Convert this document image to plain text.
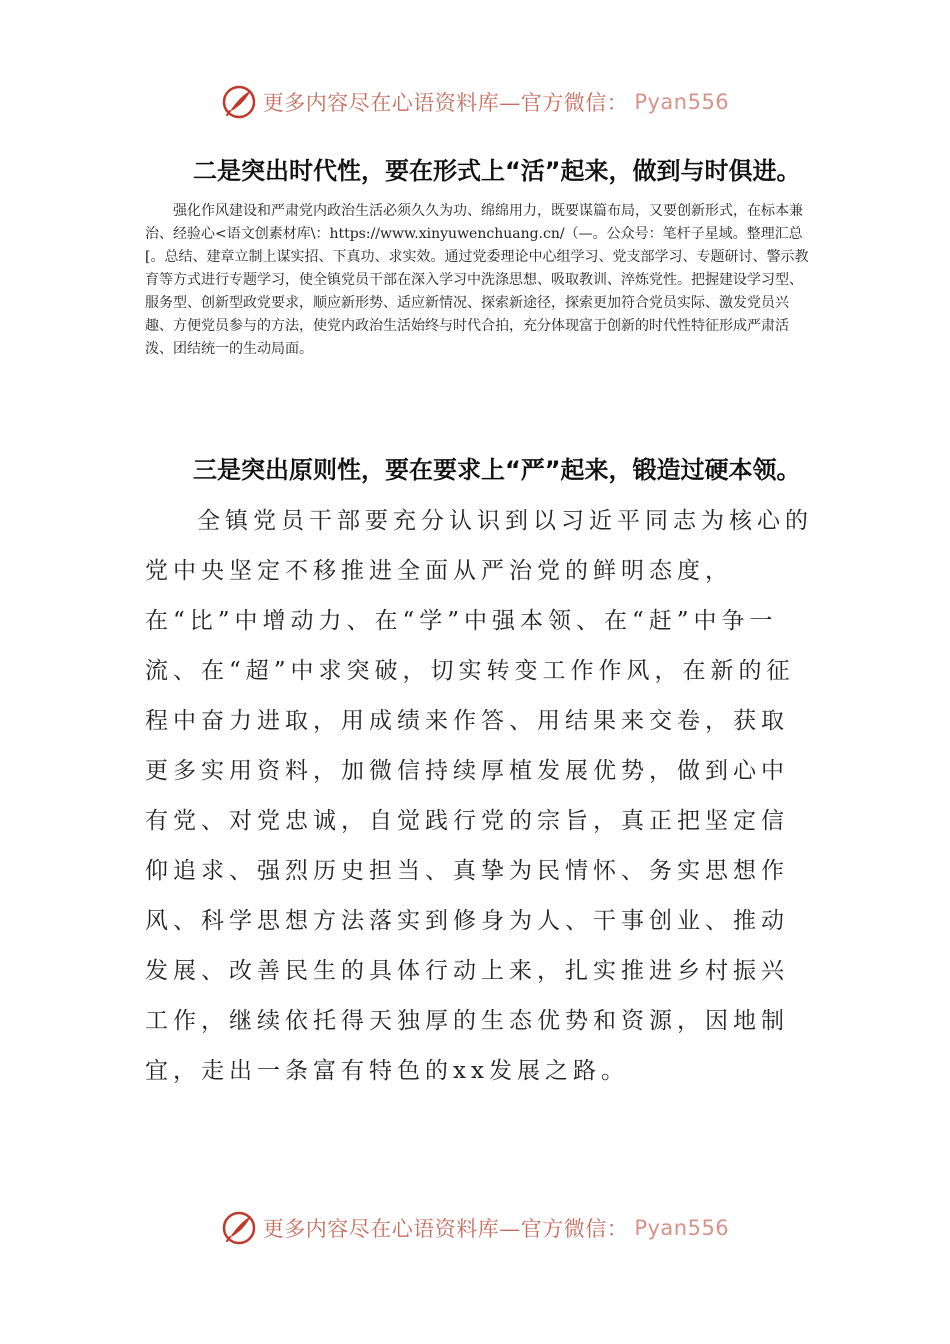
更多内容尽在心语资料库—官方微信： Pyan556

二是突出时代性，要在形式上“活”起来，做到与时俱进。

强化作风建设和严肃党内政治生活必须久久为功、绵绵用力，既要谋篇布局，又要创新形式，在标本兼治、经验心<语文创素材库\：https://www.xinyuwenchuang.cn/（—。公众号：笔杆子星域。整理汇总[。总结、建章立制上谋实招、下真功、求实效。通过党委理论中心组学习、党支部学习、专题研讨、警示教育等方式进行专题学习，使全镇党员干部在深入学习中洗涤思想、吸取教训、淬炼党性。把握建设学习型、服务型、创新型政党要求，顺应新形势、适应新情况、探索新途径，探索更加符合党员实际、激发党员兴趣、方便党员参与的方法，使党内政治生活始终与时代合拍，充分体现富于创新的时代性特征形成严肃活泼、团结统一的生动局面。

三是突出原则性，要在要求上“严”起来，锻造过硬本领。

全镇党员干部要充分认识到以习近平同志为核心的党中央坚定不移推进全面从严治党的鲜明态度，在“比”中增动力、在“学”中强本领、在“赶”中争一流、在“超”中求突破，切实转变工作作风，在新的征程中奋力进取，用成绩来作答、用结果来交卷，获取更多实用资料，加微信持续厚植发展优势，做到心中有党、对党忠诚，自觉践行党的宗旨，真正把坚定信仰追求、强烈历史担当、真挚为民情怀、务实思想作风、科学思想方法落实到修身为人、干事创业、推动发展、改善民生的具体行动上来，扎实推进乡村振兴工作，继续依托得天独厚的生态优势和资源，因地制宜，走出一条富有特色的xx发展之路。

更多内容尽在心语资料库—官方微信： Pyan556
